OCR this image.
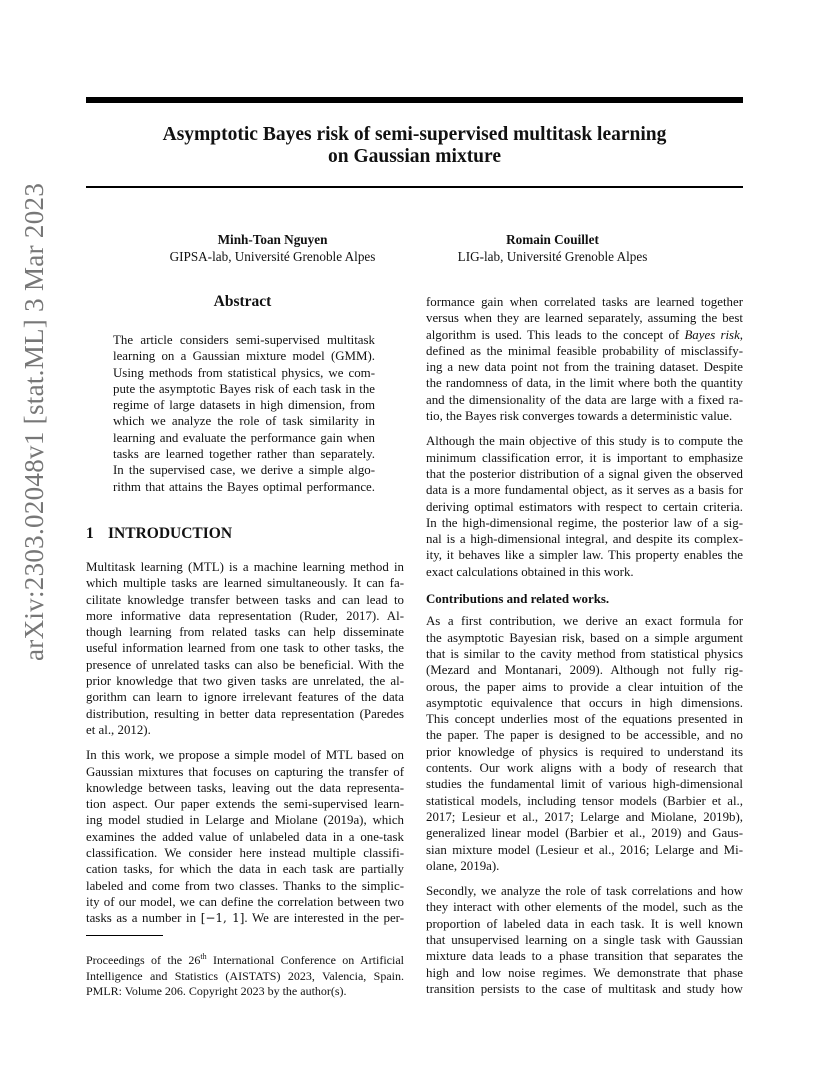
Asymptotic Bayes risk of semi-supervised multitask learning
on Gaussian mixture
Minh-Toan Nguyen
GIPSA-lab, Université Grenoble Alpes
Romain Couillet
LIG-lab, Université Grenoble Alpes
arXiv:2303.02048v1 [stat.ML] 3 Mar 2023	Abstract
The article considers semi-supervised multitask
learning on a Gaussian mixture model (GMM).
Using methods from statistical physics, we com-
pute the asymptotic Bayes risk of each task in the
regime of large datasets in high dimension, from
which we analyze the role of task similarity in
learning and evaluate the performance gain when
tasks are learned together rather than separately.
In the supervised case, we derive a simple algo-
rithm that attains the Bayes optimal performance.
1 INTRODUCTION
Multitask learning (MTL) is a machine learning method in
which multiple tasks are learned simultaneously. It can fa-
cilitate knowledge transfer between tasks and can lead to
more informative data representation (Ruder, 2017). Al-
though learning from related tasks can help disseminate
useful information learned from one task to other tasks, the
presence of unrelated tasks can also be beneficial. With the
prior knowledge that two given tasks are unrelated, the al-
gorithm can learn to ignore irrelevant features of the data
distribution, resulting in better data representation (Paredes
et al., 2012).
In this work, we propose a simple model of MTL based on
Gaussian mixtures that focuses on capturing the transfer of
knowledge between tasks, leaving out the data representa-
tion aspect. Our paper extends the semi-supervised learn-
ing model studied in Lelarge and Miolane (2019a), which
examines the added value of unlabeled data in a one-task
classification. We consider here instead multiple classifi-
cation tasks, for which the data in each task are partially
labeled and come from two classes. Thanks to the simplic-
ity of our model, we can define the correlation between two
tasks as a number in [−1, 1]. We are interested in the per-
Proceedings of the 26th International Conference on Artificial
Intelligence and Statistics (AISTATS) 2023, Valencia, Spain.
PMLR: Volume 206. Copyright 2023 by the author(s).
formance gain when correlated tasks are learned together
versus when they are learned separately, assuming the best
algorithm is used. This leads to the concept of Bayes risk,
defined as the minimal feasible probability of misclassify-
ing a new data point not from the training dataset. Despite
the randomness of data, in the limit where both the quantity
and the dimensionality of the data are large with a fixed ra-
tio, the Bayes risk converges towards a deterministic value.
Although the main objective of this study is to compute the
minimum classification error, it is important to emphasize
that the posterior distribution of a signal given the observed
data is a more fundamental object, as it serves as a basis for
deriving optimal estimators with respect to certain criteria.
In the high-dimensional regime, the posterior law of a sig-
nal is a high-dimensional integral, and despite its complex-
ity, it behaves like a simpler law. This property enables the
exact calculations obtained in this work.
Contributions and related works.
As a first contribution, we derive an exact formula for
the asymptotic Bayesian risk, based on a simple argument
that is similar to the cavity method from statistical physics
(Mezard and Montanari, 2009). Although not fully rig-
orous, the paper aims to provide a clear intuition of the
asymptotic equivalence that occurs in high dimensions.
This concept underlies most of the equations presented in
the paper. The paper is designed to be accessible, and no
prior knowledge of physics is required to understand its
contents. Our work aligns with a body of research that
studies the fundamental limit of various high-dimensional
statistical models, including tensor models (Barbier et al.,
2017; Lesieur et al., 2017; Lelarge and Miolane, 2019b),
generalized linear model (Barbier et al., 2019) and Gaus-
sian mixture model (Lesieur et al., 2016; Lelarge and Mi-
olane, 2019a).
Secondly, we analyze the role of task correlations and how
they interact with other elements of the model, such as the
proportion of labeled data in each task. It is well known
that unsupervised learning on a single task with Gaussian
mixture data leads to a phase transition that separates the
high and low noise regimes. We demonstrate that phase
transition persists to the case of multitask and study how
